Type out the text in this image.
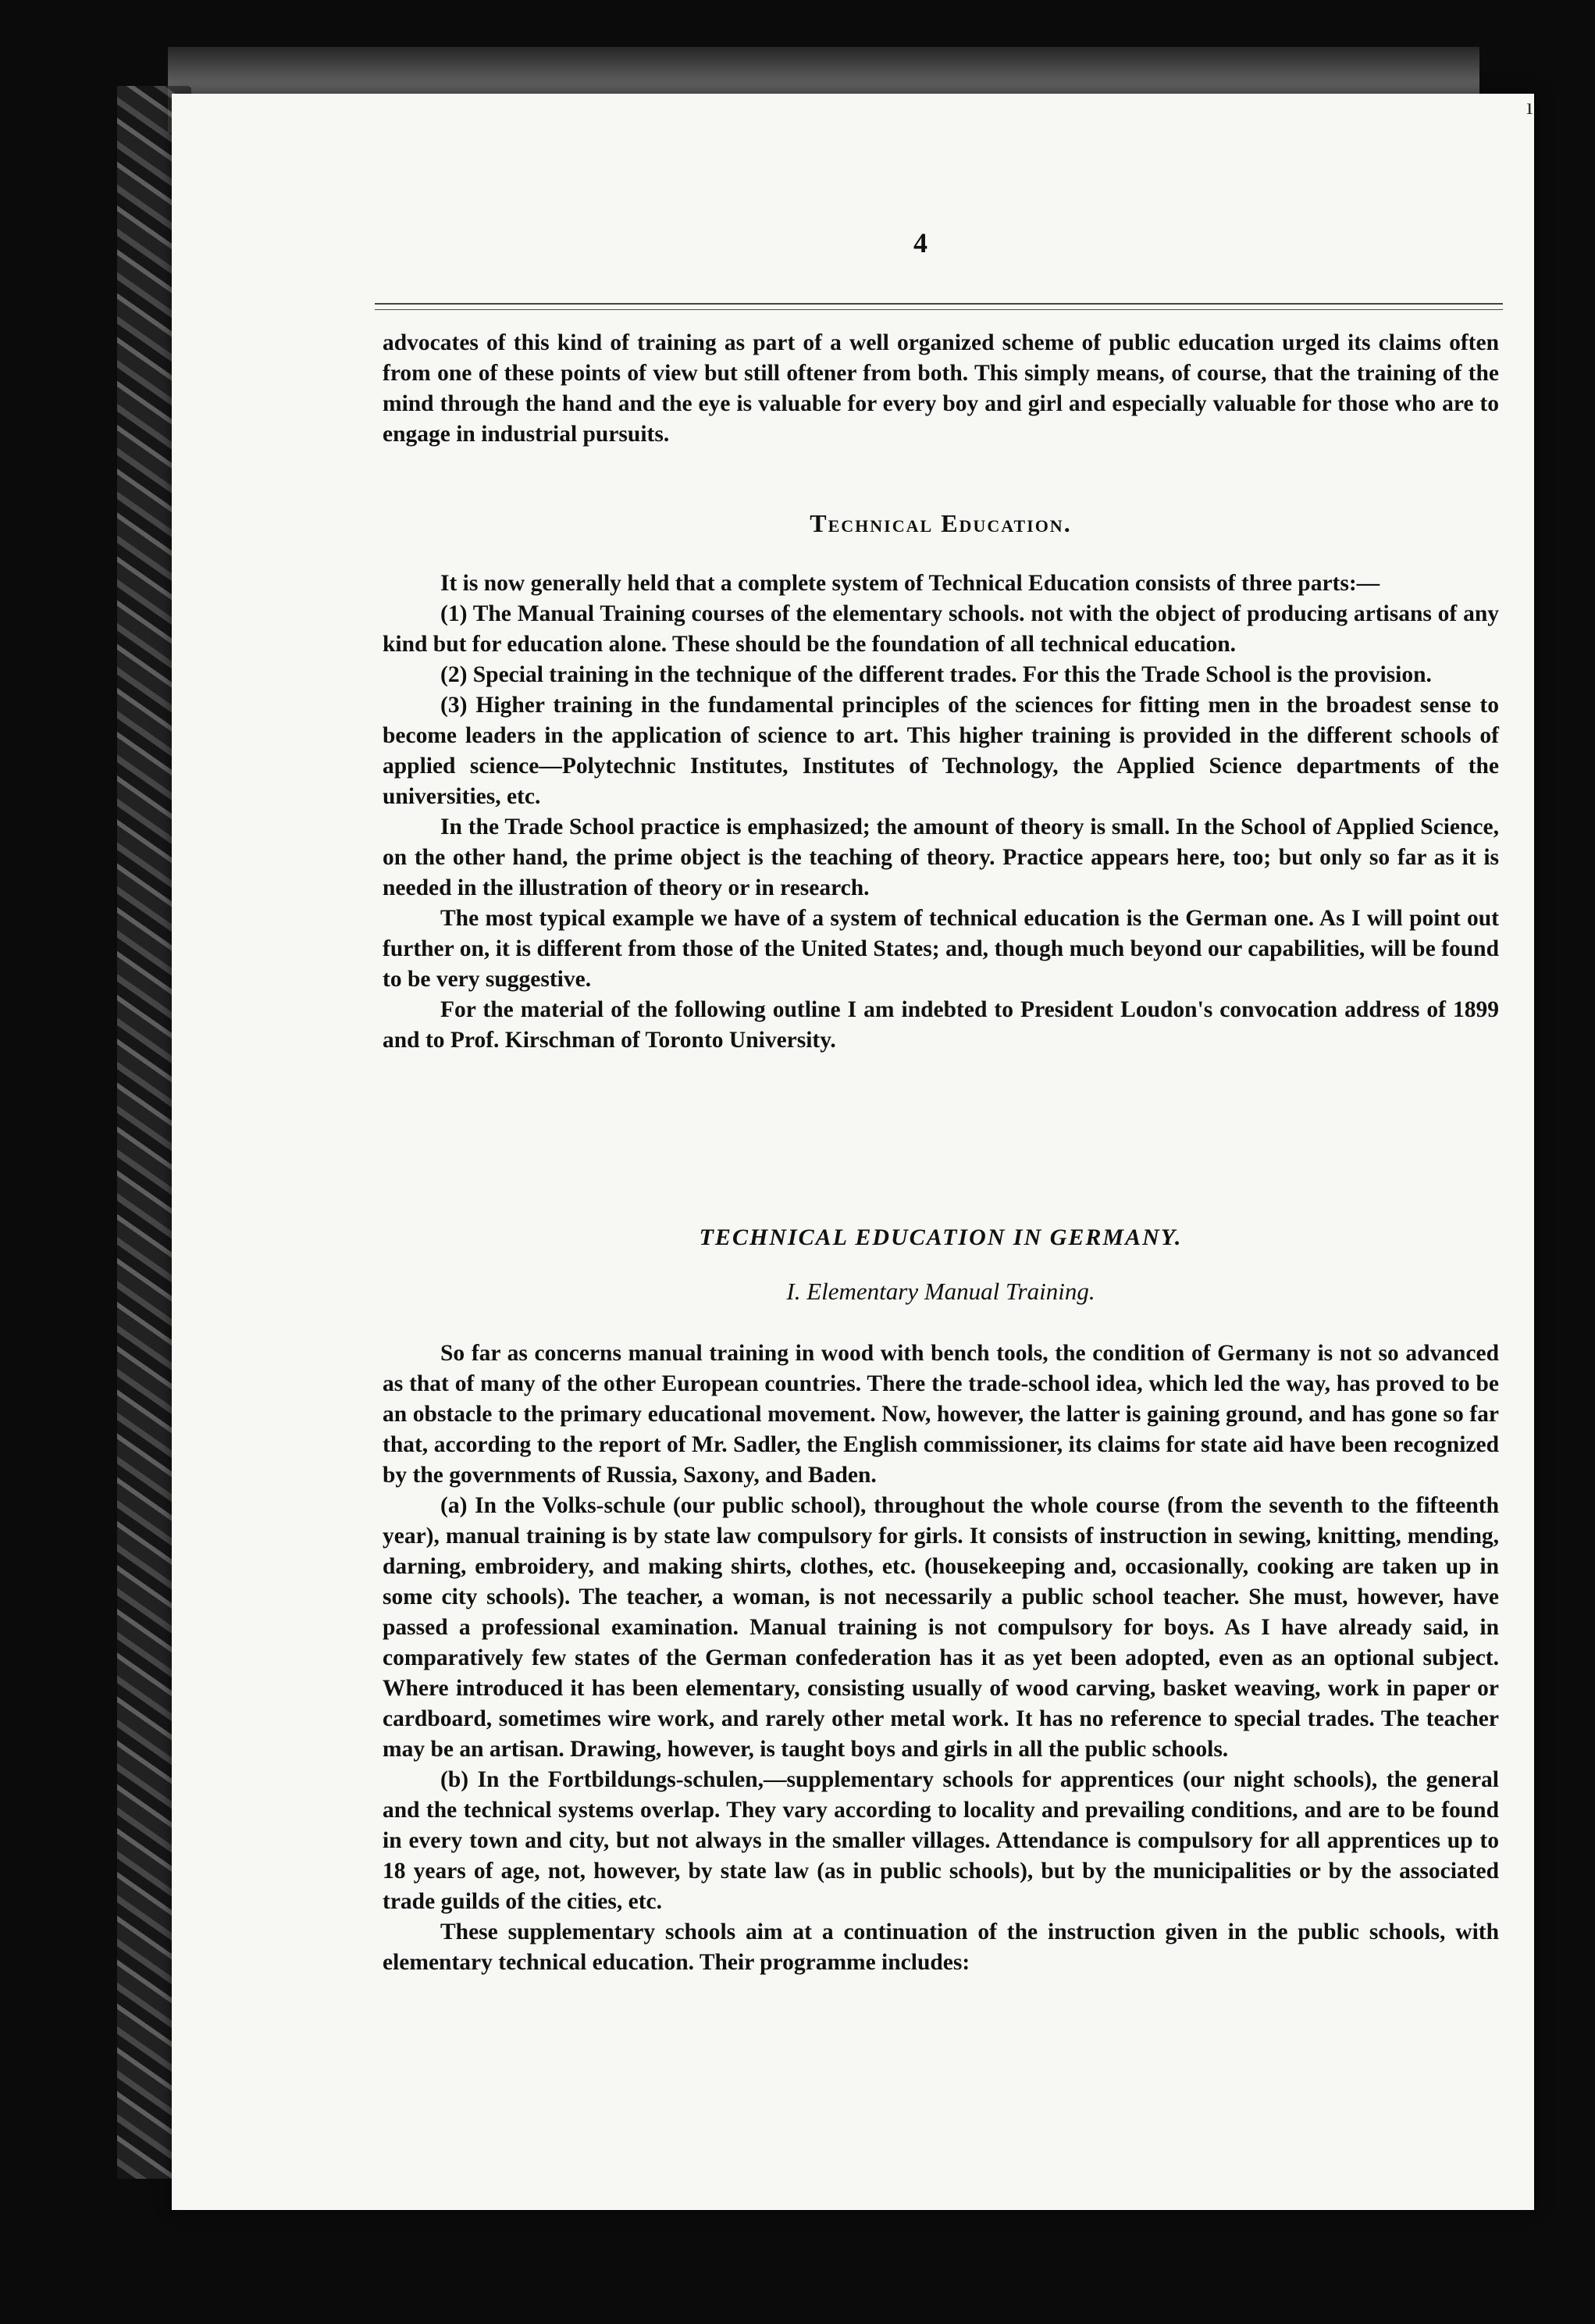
4

advocates of this kind of training as part of a well organized scheme of public education urged its claims often from one of these points of view but still oftener from both. This simply means, of course, that the training of the mind through the hand and the eye is valuable for every boy and girl and especially valuable for those who are to engage in industrial pursuits.

Technical Education.

It is now generally held that a complete system of Technical Education consists of three parts:—

(1) The Manual Training courses of the elementary schools. not with the object of producing artisans of any kind but for education alone. These should be the foundation of all technical education.

(2) Special training in the technique of the different trades. For this the Trade School is the provision.

(3) Higher training in the fundamental principles of the sciences for fitting men in the broadest sense to become leaders in the application of science to art. This higher training is provided in the different schools of applied science—Polytechnic Institutes, Institutes of Technology, the Applied Science departments of the universities, etc.

In the Trade School practice is emphasized; the amount of theory is small. In the School of Applied Science, on the other hand, the prime object is the teaching of theory. Practice appears here, too; but only so far as it is needed in the illustration of theory or in research.

The most typical example we have of a system of technical education is the German one. As I will point out further on, it is different from those of the United States; and, though much beyond our capabilities, will be found to be very suggestive.

For the material of the following outline I am indebted to President Loudon's convocation address of 1899 and to Prof. Kirschman of Toronto University.

TECHNICAL EDUCATION IN GERMANY.
I. Elementary Manual Training.

So far as concerns manual training in wood with bench tools, the condition of Germany is not so advanced as that of many of the other European countries. There the trade-school idea, which led the way, has proved to be an obstacle to the primary educational movement. Now, however, the latter is gaining ground, and has gone so far that, according to the report of Mr. Sadler, the English commissioner, its claims for state aid have been recognized by the governments of Russia, Saxony, and Baden.

(a) In the Volks-schule (our public school), throughout the whole course (from the seventh to the fifteenth year), manual training is by state law compulsory for girls. It consists of instruction in sewing, knitting, mending, darning, embroidery, and making shirts, clothes, etc. (housekeeping and, occasionally, cooking are taken up in some city schools). The teacher, a woman, is not necessarily a public school teacher. She must, however, have passed a professional examination. Manual training is not compulsory for boys. As I have already said, in comparatively few states of the German confederation has it as yet been adopted, even as an optional subject. Where introduced it has been elementary, consisting usually of wood carving, basket weaving, work in paper or cardboard, sometimes wire work, and rarely other metal work. It has no reference to special trades. The teacher may be an artisan. Drawing, however, is taught boys and girls in all the public schools.

(b) In the Fortbildungs-schulen,—supplementary schools for apprentices (our night schools), the general and the technical systems overlap. They vary according to locality and prevailing conditions, and are to be found in every town and city, but not always in the smaller villages. Attendance is compulsory for all apprentices up to 18 years of age, not, however, by state law (as in public schools), but by the municipalities or by the associated trade guilds of the cities, etc.

These supplementary schools aim at a continuation of the instruction given in the public schools, with elementary technical education. Their programme includes:

ı
